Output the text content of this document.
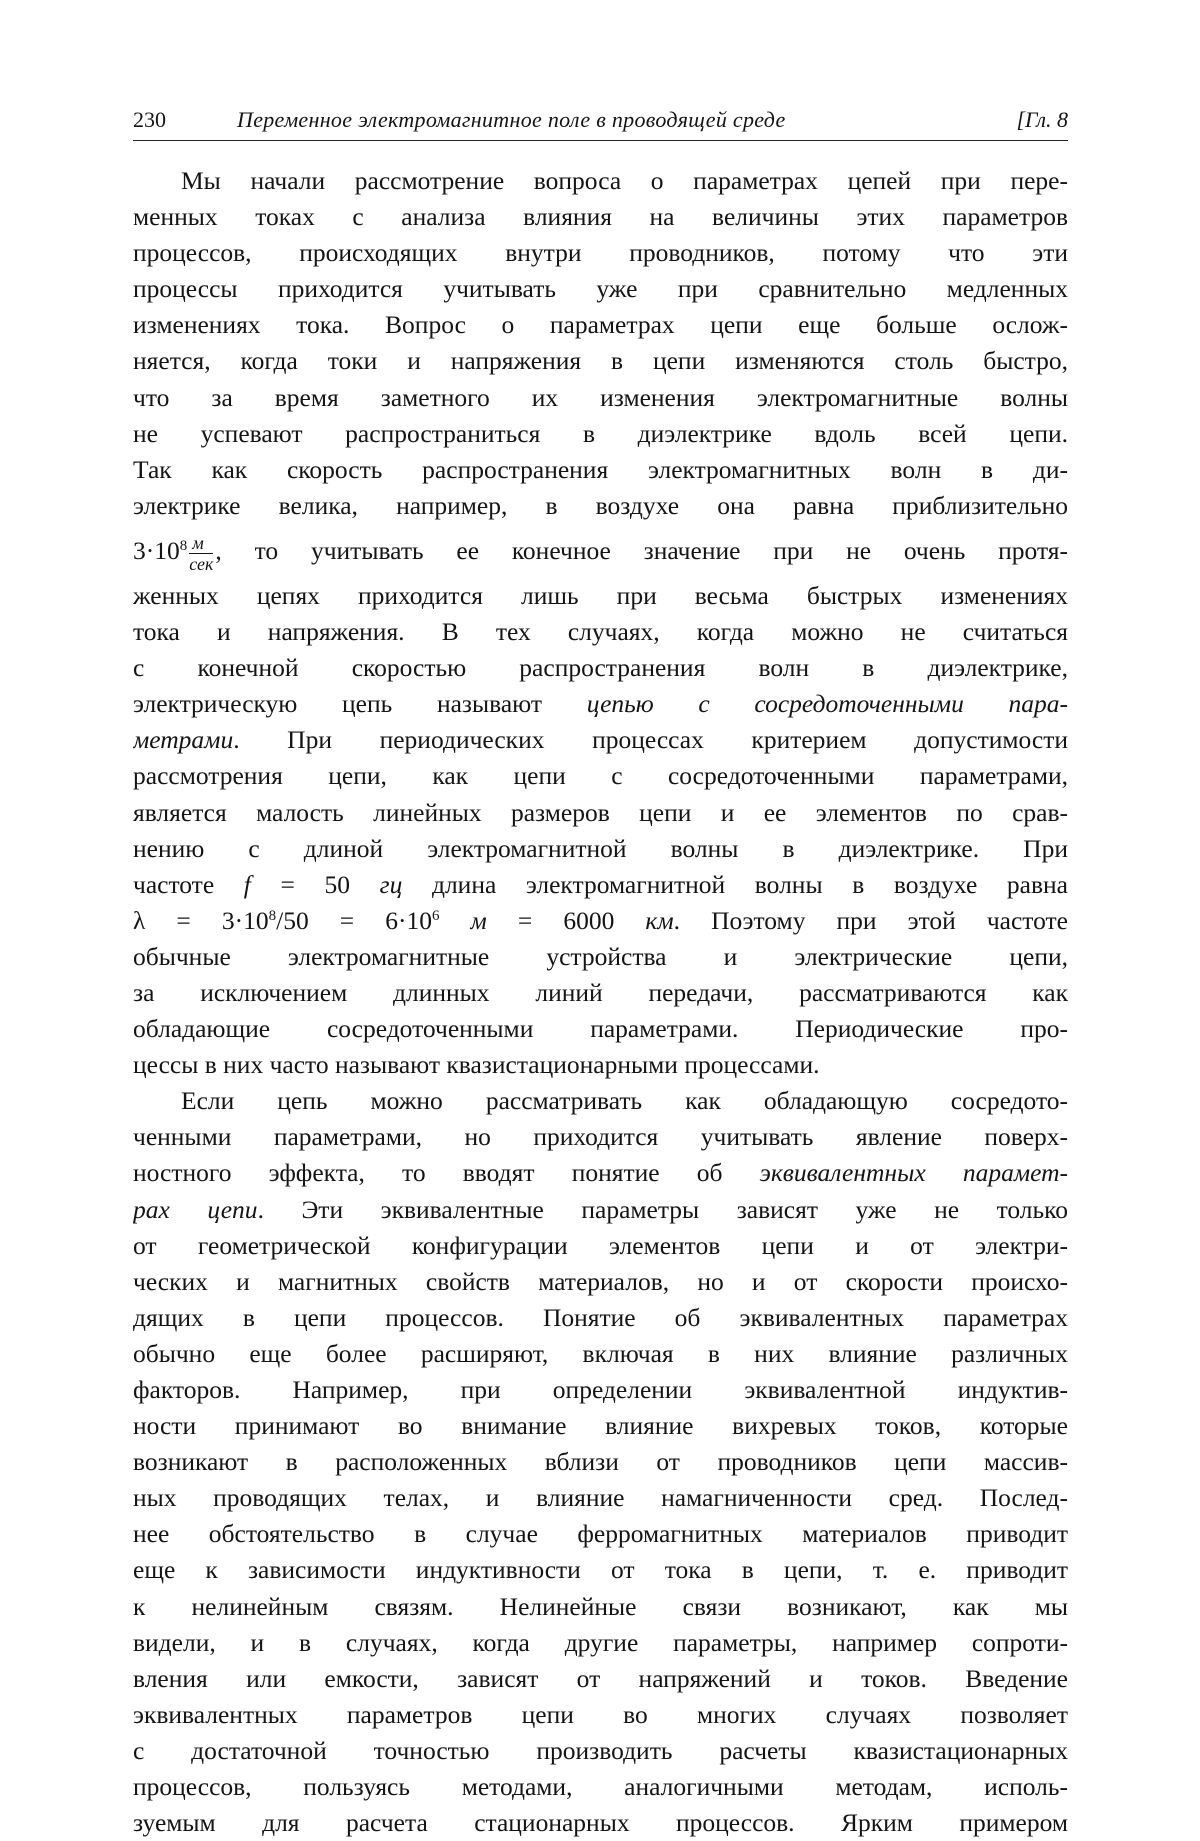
230	Переменное электромагнитное поле в проводящей среде	[Гл. 8
Мы начали рассмотрение вопроса о параметрах цепей при пере-
менных токах с анализа влияния на величины этих параметров
процессов, происходящих внутри проводников, потому что эти
процессы приходится учитывать уже при сравнительно медленных
изменениях тока. Вопрос о параметрах цепи еще больше ослож-
няется, когда токи и напряжения в цепи изменяются столь быстро,
что за время заметного их изменения электромагнитные волны
не успевают распространиться в диэлектрике вдоль всей цепи.
Так как скорость распространения электромагнитных волн в ди-
электрике велика, например, в воздухе она равна приблизительно
$3\cdot 10^8 \frac{м}{\text{сек}}$ , то учитывать ее конечное значение при не очень протя-
женных цепях приходится лишь при весьма быстрых изменениях
тока и напряжения. В тех случаях, когда можно не считаться
с конечной скоростью распространения волн в диэлектрике,
электрическую цепь называют цепью с сосредоточенными пара-
метрами. При периодических процессах критерием допустимости
рассмотрения цепи, как цепи с сосредоточенными параметрами,
является малость линейных размеров цепи и ее элементов по срав-
нению с длиной электромагнитной волны в диэлектрике. При
частоте f = 50 гц длина электромагнитной волны в воздухе равна
$\lambda = 3\cdot 10^8/50 = 6\cdot 10^6$ м = 6000 км. Поэтому при этой частоте
обычные электромагнитные устройства и электрические цепи,
за исключением длинных линий передачи, рассматриваются как
обладающие сосредоточенными параметрами. Периодические про-
цессы в них часто называют квазистационарными процессами.
Если цепь можно рассматривать как обладающую сосредото-
ченными параметрами, но приходится учитывать явление поверх-
ностного эффекта, то вводят понятие об эквивалентных парамет-
рах цепи. Эти эквивалентные параметры зависят уже не только
от геометрической конфигурации элементов цепи и от электри-
ческих и магнитных свойств материалов, но и от скорости происхо-
дящих в цепи процессов. Понятие об эквивалентных параметрах
обычно еще более расширяют, включая в них влияние различных
факторов. Например, при определении эквивалентной индуктив-
ности принимают во внимание влияние вихревых токов, которые
возникают в расположенных вблизи от проводников цепи массив-
ных проводящих телах, и влияние намагниченности сред. Послед-
нее обстоятельство в случае ферромагнитных материалов приводит
еще к зависимости индуктивности от тока в цепи, т. е. приводит
к нелинейным связям. Нелинейные связи возникают, как мы
видели, и в случаях, когда другие параметры, например сопроти-
вления или емкости, зависят от напряжений и токов. Введение
эквивалентных параметров цепи во многих случаях позволяет
с достаточной точностью производить расчеты квазистационарных
процессов, пользуясь методами, аналогичными методам, исполь-
зуемым для расчета стационарных процессов. Ярким примером
